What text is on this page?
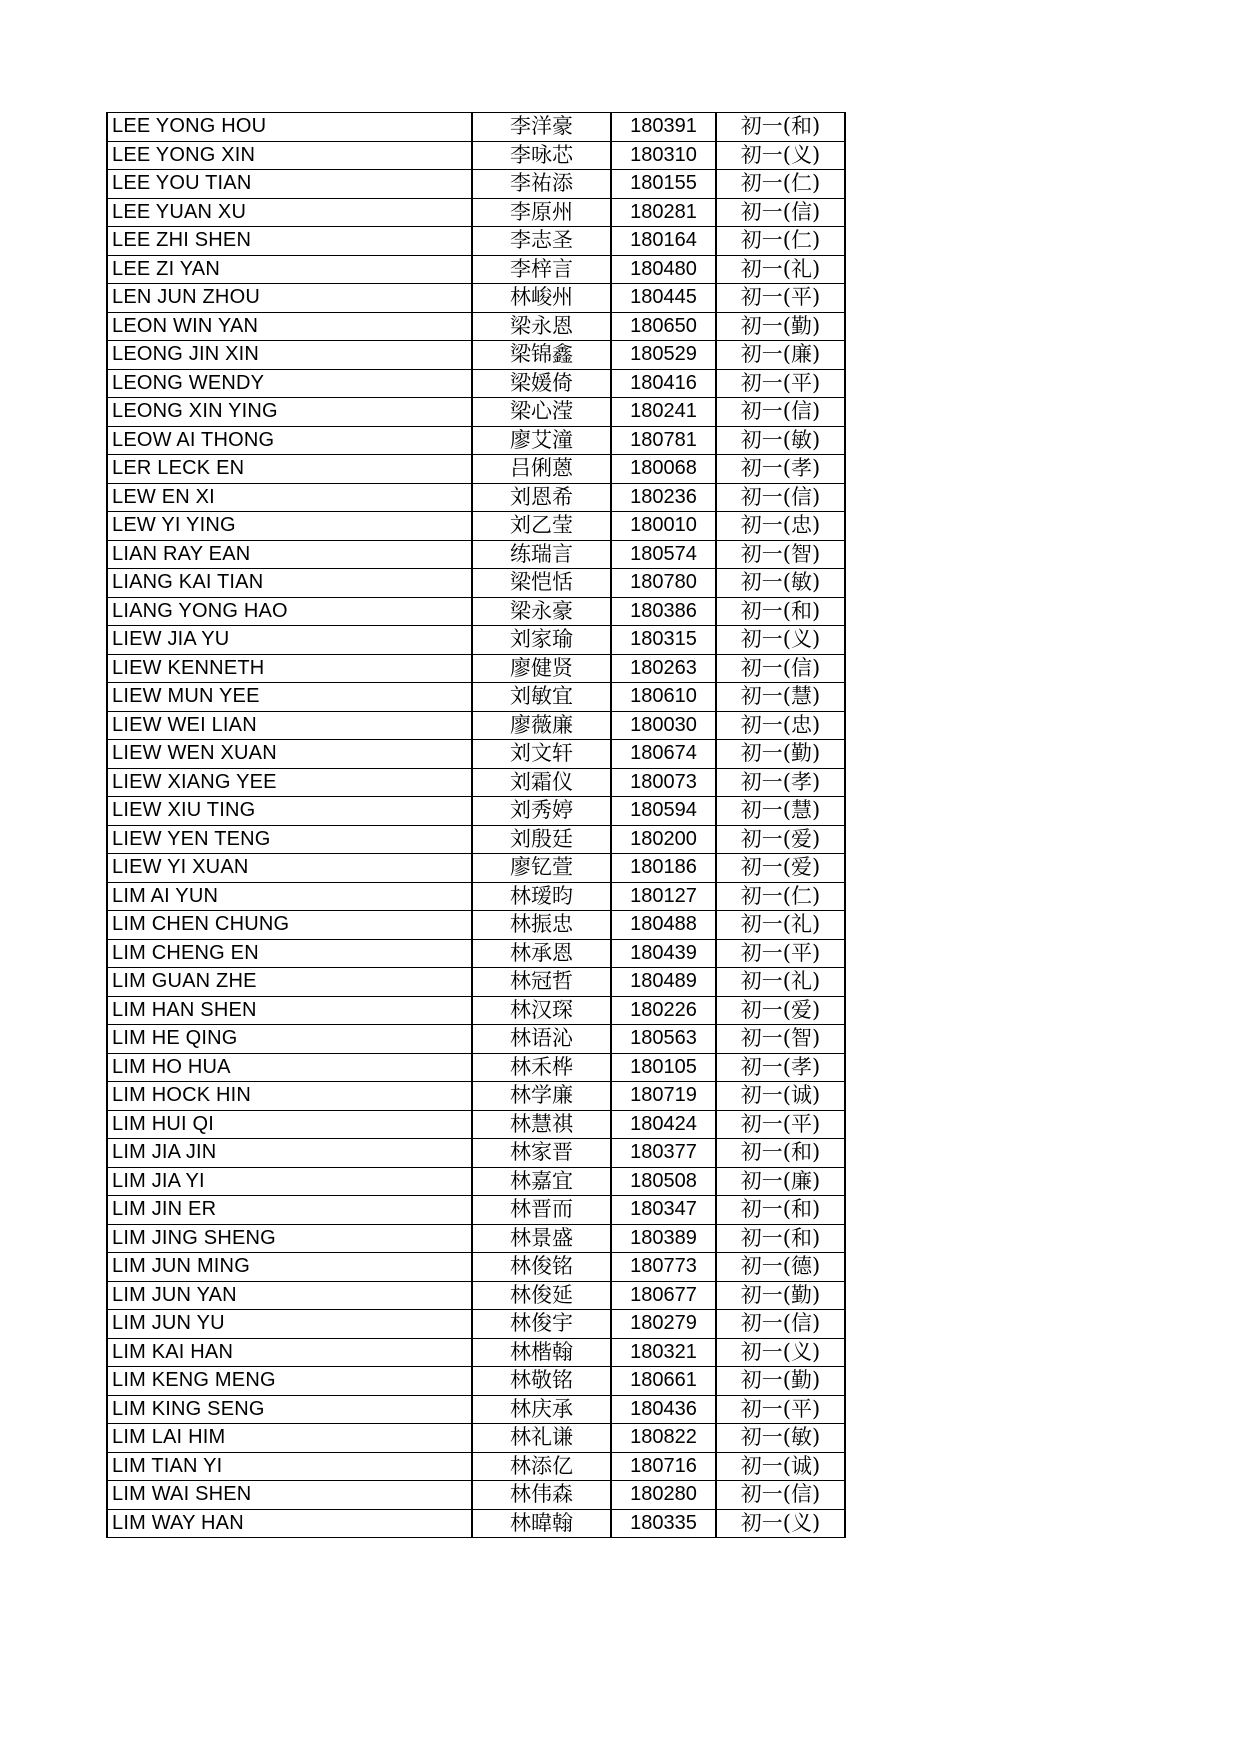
LEE YONG HOU	李洋豪	180391	初一(和)
LEE YONG XIN	李咏芯	180310	初一(义)
LEE YOU TIAN	李祐添	180155	初一(仁)
LEE YUAN XU	李原州	180281	初一(信)
LEE ZHI SHEN	李志圣	180164	初一(仁)
LEE ZI YAN	李梓言	180480	初一(礼)
LEN JUN ZHOU	林峻州	180445	初一(平)
LEON WIN YAN	梁永恩	180650	初一(勤)
LEONG JIN XIN	梁锦鑫	180529	初一(廉)
LEONG WENDY	梁媛倚	180416	初一(平)
LEONG XIN YING	梁心滢	180241	初一(信)
LEOW AI THONG	廖艾潼	180781	初一(敏)
LER LECK EN	吕俐蒽	180068	初一(孝)
LEW EN XI	刘恩希	180236	初一(信)
LEW YI YING	刘乙莹	180010	初一(忠)
LIAN RAY EAN	练瑞言	180574	初一(智)
LIANG KAI TIAN	梁恺恬	180780	初一(敏)
LIANG YONG HAO	梁永豪	180386	初一(和)
LIEW JIA YU	刘家瑜	180315	初一(义)
LIEW KENNETH	廖健贤	180263	初一(信)
LIEW MUN YEE	刘敏宜	180610	初一(慧)
LIEW WEI LIAN	廖薇廉	180030	初一(忠)
LIEW WEN XUAN	刘文轩	180674	初一(勤)
LIEW XIANG YEE	刘霜仪	180073	初一(孝)
LIEW XIU TING	刘秀婷	180594	初一(慧)
LIEW YEN TENG	刘殷廷	180200	初一(爱)
LIEW YI XUAN	廖钇萱	180186	初一(爱)
LIM AI YUN	林瑷昀	180127	初一(仁)
LIM CHEN CHUNG	林振忠	180488	初一(礼)
LIM CHENG EN	林承恩	180439	初一(平)
LIM GUAN ZHE	林冠哲	180489	初一(礼)
LIM HAN SHEN	林汉琛	180226	初一(爱)
LIM HE QING	林语沁	180563	初一(智)
LIM HO HUA	林禾桦	180105	初一(孝)
LIM HOCK HIN	林学廉	180719	初一(诚)
LIM HUI QI	林慧祺	180424	初一(平)
LIM JIA JIN	林家晋	180377	初一(和)
LIM JIA YI	林嘉宜	180508	初一(廉)
LIM JIN ER	林晋而	180347	初一(和)
LIM JING SHENG	林景盛	180389	初一(和)
LIM JUN MING	林俊铭	180773	初一(德)
LIM JUN YAN	林俊延	180677	初一(勤)
LIM JUN YU	林俊宇	180279	初一(信)
LIM KAI HAN	林楷翰	180321	初一(义)
LIM KENG MENG	林敬铭	180661	初一(勤)
LIM KING SENG	林庆承	180436	初一(平)
LIM LAI HIM	林礼谦	180822	初一(敏)
LIM TIAN YI	林添亿	180716	初一(诚)
LIM WAI SHEN	林伟森	180280	初一(信)
LIM WAY HAN	林暐翰	180335	初一(义)
